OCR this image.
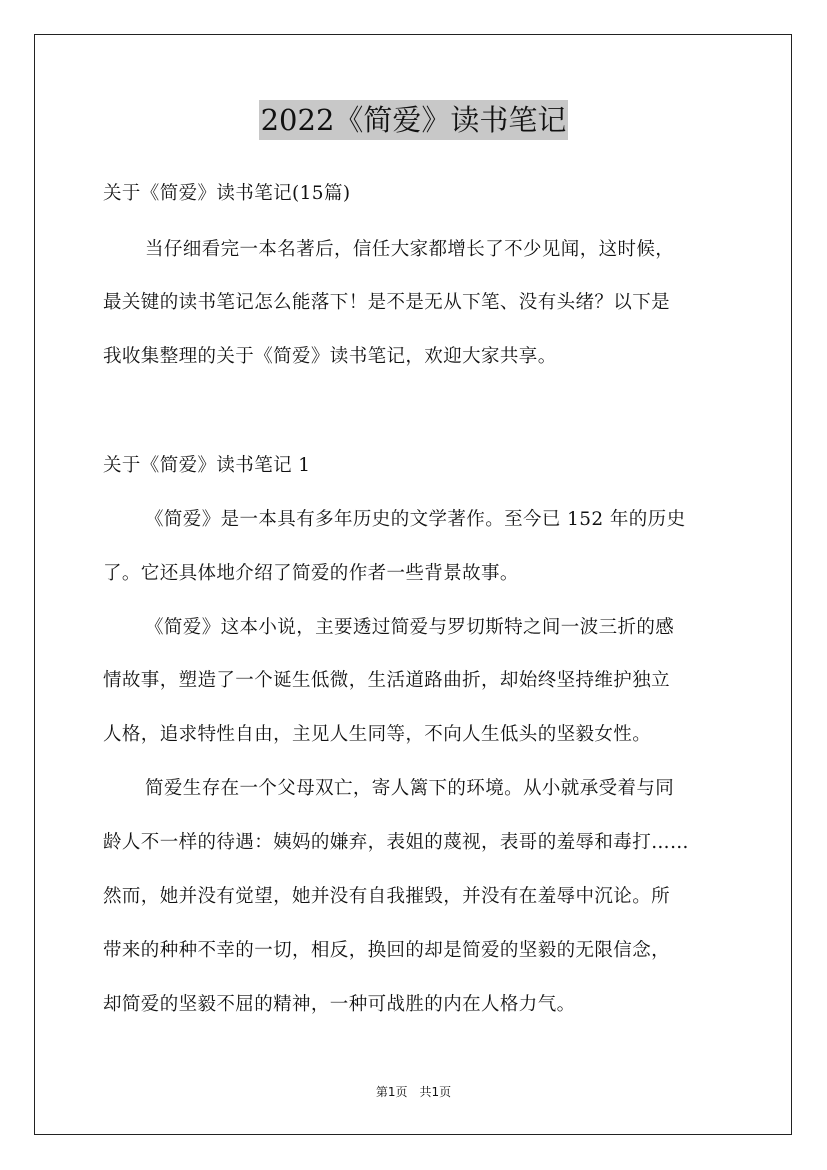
2022《简爱》读书笔记
关于《简爱》读书笔记(15篇)
当仔细看完一本名著后，信任大家都增长了不少见闻，这时候，
最关键的读书笔记怎么能落下！是不是无从下笔、没有头绪？以下是
我收集整理的关于《简爱》读书笔记，欢迎大家共享。
关于《简爱》读书笔记 1
《简爱》是一本具有多年历史的文学著作。至今已 152 年的历史
了。它还具体地介绍了简爱的作者一些背景故事。
《简爱》这本小说，主要透过简爱与罗切斯特之间一波三折的感
情故事，塑造了一个诞生低微，生活道路曲折，却始终坚持维护独立
人格，追求特性自由，主见人生同等，不向人生低头的坚毅女性。
简爱生存在一个父母双亡，寄人篱下的环境。从小就承受着与同
龄人不一样的待遇：姨妈的嫌弃，表姐的蔑视，表哥的羞辱和毒打……
然而，她并没有觉望，她并没有自我摧毁，并没有在羞辱中沉论。所
带来的种种不幸的一切，相反，换回的却是简爱的坚毅的无限信念，
却简爱的坚毅不屈的精神，一种可战胜的内在人格力气。
第1页　共1页
